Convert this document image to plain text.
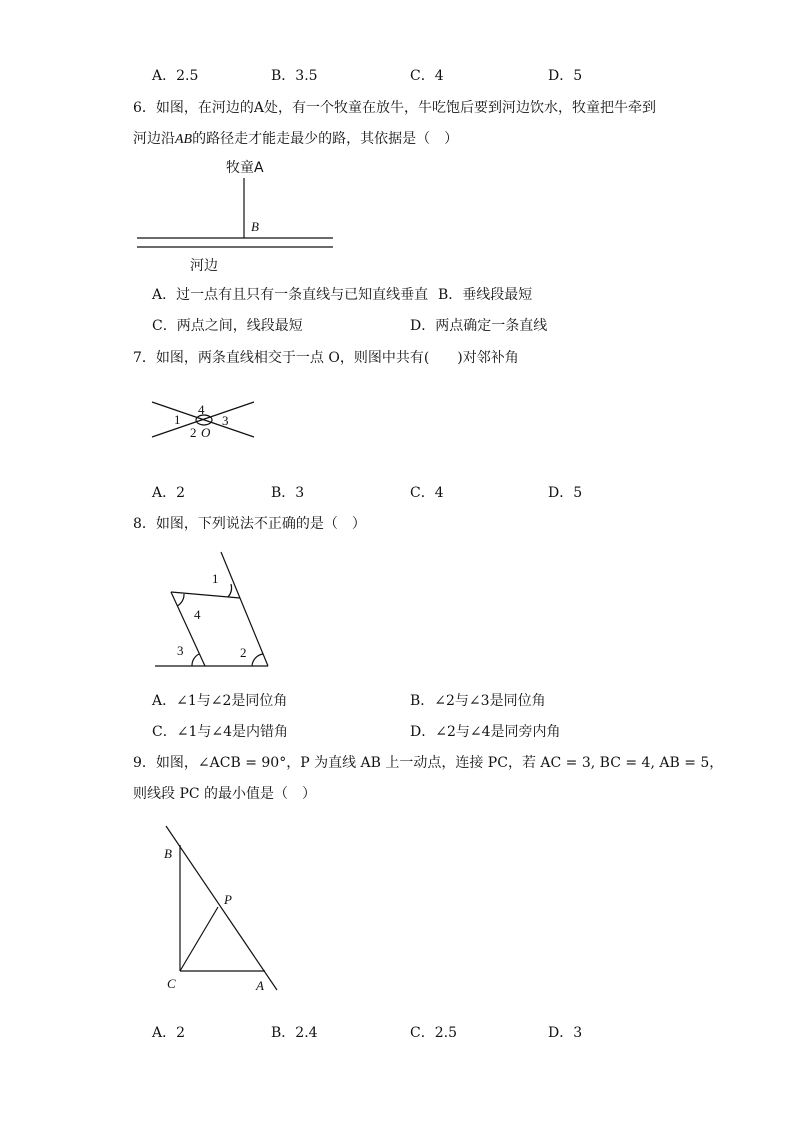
A．2.5	B．3.5	C．4	D．5
6．如图，在河边的A处，有一个牧童在放牛，牛吃饱后要到河边饮水，牧童把牛牵到
河边沿AB的路径走才能走最少的路，其依据是（　）
牧童A
B
河边
A．过一点有且只有一条直线与已知直线垂直 B．垂线段最短
C．两点之间，线段最短	D．两点确定一条直线
7．如图，两条直线相交于一点 O，则图中共有(　　)对邻补角
1
4
3
2 O
A．2	B．3	C．4	D．5
8．如图，下列说法不正确的是（　）
1
4
3	2
A．∠1与∠2是同位角	B．∠2与∠3是同位角
C．∠1与∠4是内错角	D．∠2与∠4是同旁内角
9．如图，∠ACB = 90°，P 为直线 AB 上一动点，连接 PC，若 AC = 3, BC = 4, AB = 5，
则线段 PC 的最小值是（　）
B
P
C	A
A．2	B．2.4	C．2.5	D．3
